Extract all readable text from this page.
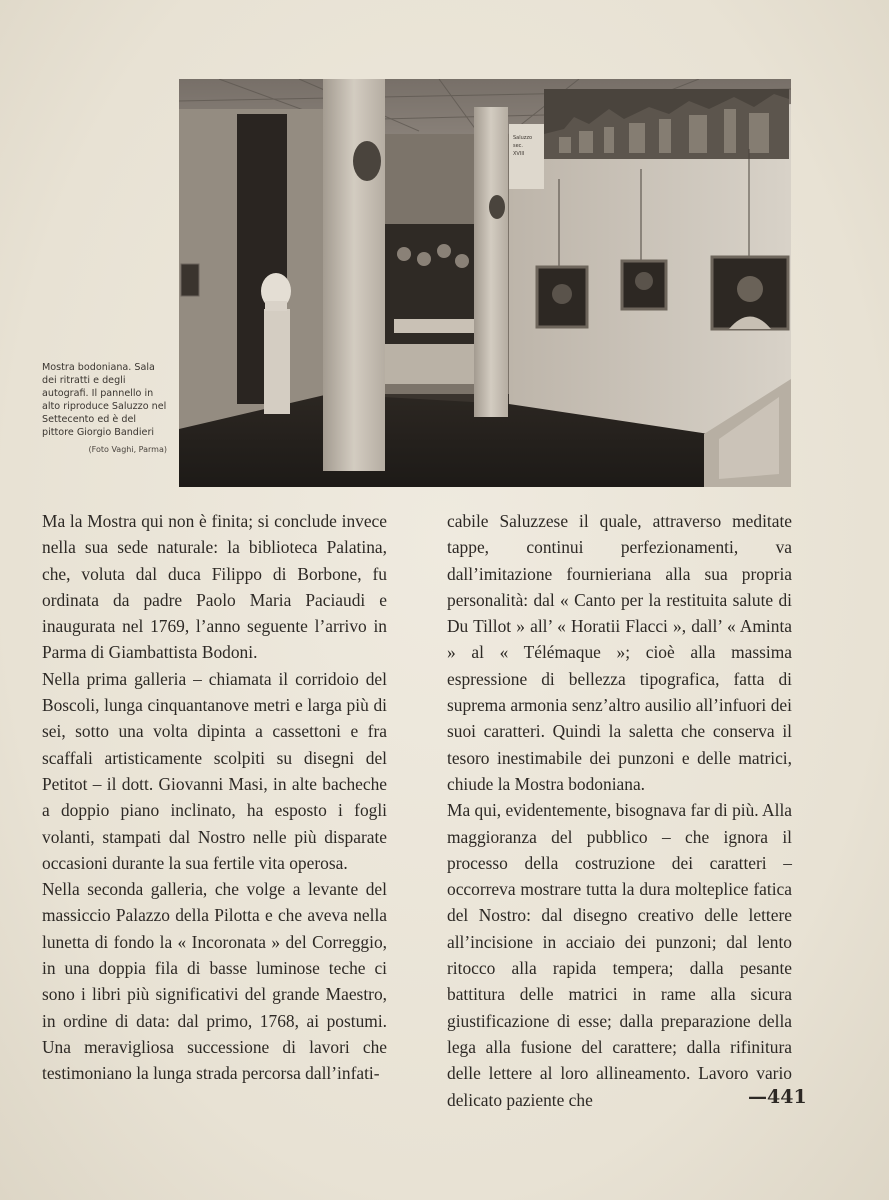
Saluzzo
sec.
XVIII
Mostra bodoniana. Sala dei ritratti e degli autografi. Il pannello in alto riproduce Saluzzo nel Settecento ed è del pittore Giorgio Bandieri
(Foto Vaghi, Parma)

Ma la Mostra qui non è finita; si conclude invece nella sua sede naturale: la biblioteca Palatina, che, voluta dal duca Filippo di Borbone, fu ordinata da padre Paolo Maria Paciaudi e inaugurata nel 1769, l’anno seguente l’arrivo in Parma di Giambattista Bodoni.

Nella prima galleria – chiamata il corridoio del Boscoli, lunga cinquantanove metri e larga più di sei, sotto una volta dipinta a cassettoni e fra scaffali artisticamente scolpiti su disegni del Petitot – il dott. Giovanni Masi, in alte bacheche a doppio piano inclinato, ha esposto i fogli volanti, stampati dal Nostro nelle più disparate occasioni durante la sua fertile vita operosa.

Nella seconda galleria, che volge a levante del massiccio Palazzo della Pilotta e che aveva nella lunetta di fondo la « Incoronata » del Correggio, in una doppia fila di basse luminose teche ci sono i libri più significativi del grande Maestro, in ordine di data: dal primo, 1768, ai postumi. Una meravigliosa successione di lavori che testimoniano la lunga strada percorsa dall’infati-

cabile Saluzzese il quale, attraverso meditate tappe, continui perfezionamenti, va dall’imitazione fournieriana alla sua propria personalità: dal « Canto per la restituita salute di Du Tillot » all’ « Horatii Flacci », dall’ « Aminta » al « Télémaque »; cioè alla massima espressione di bellezza tipografica, fatta di suprema armonia senz’altro ausilio all’infuori dei suoi caratteri. Quindi la saletta che conserva il tesoro inestimabile dei punzoni e delle matrici, chiude la Mostra bodoniana.

Ma qui, evidentemente, bisognava far di più. Alla maggioranza del pubblico – che ignora il processo della costruzione dei caratteri – occorreva mostrare tutta la dura molteplice fatica del Nostro: dal disegno creativo delle lettere all’incisione in acciaio dei punzoni; dal lento ritocco alla rapida tempera; dalla pesante battitura delle matrici in rame alla sicura giustificazione di esse; dalla preparazione della lega alla fusione del carattere; dalla rifinitura delle lettere al loro allineamento. Lavoro vario delicato paziente che	—441
